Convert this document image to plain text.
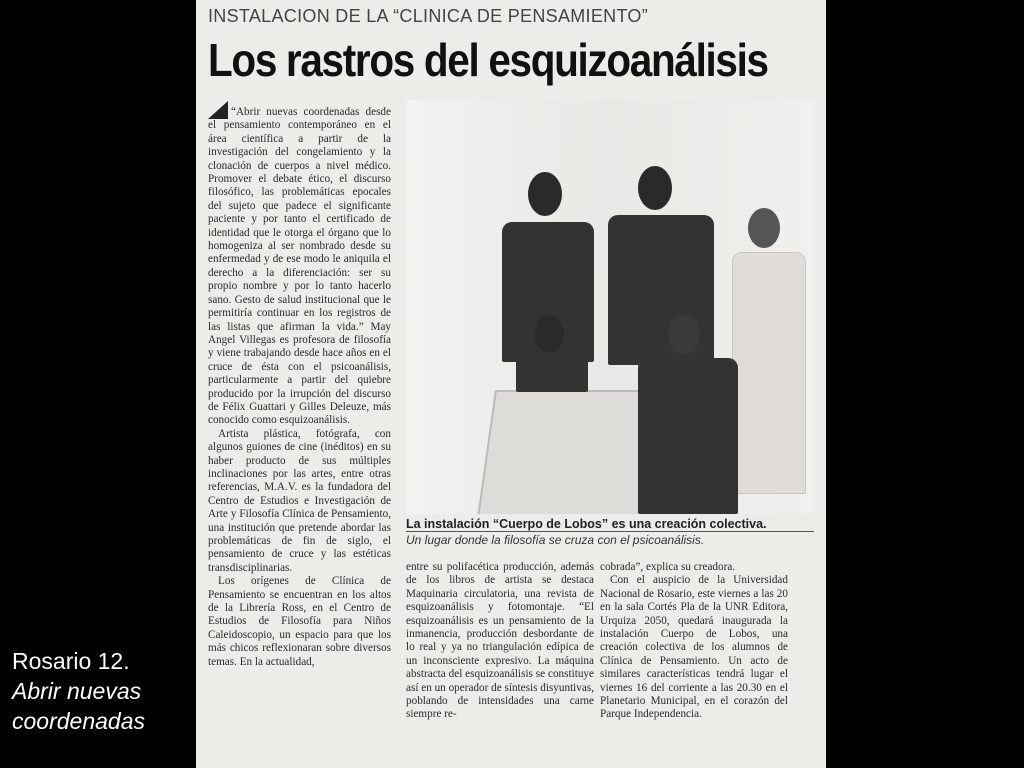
Rosario 12.
Abrir nuevas
coordenadas
INSTALACION DE LA “CLINICA DE PENSAMIENTO”
Los rastros del esquizoanálisis

“Abrir nuevas coordenadas desde el pensamiento contemporáneo en el área científica a partir de la investigación del congelamiento y la clonación de cuerpos a nivel médico. Promover el debate ético, el discurso filosófico, las problemáticas epocales del sujeto que padece el significante paciente y por tanto el certificado de identidad que le otorga el órgano que lo homogeniza al ser nombrado desde su enfermedad y de ese modo le aniquila el derecho a la diferenciación: ser su propio nombre y por lo tanto hacerlo sano. Gesto de salud institucional que le permitiría continuar en los registros de las listas que afirman la vida.” May Angel Villegas es profesora de filosofía y viene trabajando desde hace años en el cruce de ésta con el psicoanálisis, particularmente a partir del quiebre producido por la irrupción del discurso de Félix Guattari y Gilles Deleuze, más conocido como esquizoanálisis.

Artista plástica, fotógrafa, con algunos guiones de cine (inéditos) en su haber producto de sus múltiples inclinaciones por las artes, entre otras referencias, M.A.V. es la fundadora del Centro de Estudios e Investigación de Arte y Filosofía Clínica de Pensamiento, una institución que pretende abordar las problemáticas de fin de siglo, el pensamiento de cruce y las estéticas transdisciplinarias.

Los orígenes de Clínica de Pensamiento se encuentran en los altos de la Librería Ross, en el Centro de Estudios de Filosofía para Niños Caleidoscopio, un espacio para que los más chicos reflexionaran sobre diversos temas. En la actualidad,

La instalación “Cuerpo de Lobos” es una creación colectiva.
Un lugar donde la filosofía se cruza con el psicoanálisis.

entre su polifacética producción, además de los libros de artista se destaca Maquinaria circulatoria, una revista de esquizoanálisis y fotomontaje. “El esquizoanálisis es un pensamiento de la inmanencia, producción desbordante de lo real y ya no triangulación edípica de un inconsciente expresivo. La máquina abstracta del esquizoanálisis se constituye así en un operador de síntesis disyuntivas, poblando de intensidades una carne siempre re-

cobrada”, explica su creadora.

Con el auspicio de la Universidad Nacional de Rosario, este viernes a las 20 en la sala Cortés Pla de la UNR Editora, Urquiza 2050, quedará inaugurada la instalación Cuerpo de Lobos, una creación colectiva de los alumnos de Clínica de Pensamiento. Un acto de similares características tendrá lugar el viernes 16 del corriente a las 20.30 en el Planetario Municipal, en el corazón del Parque Independencia.
